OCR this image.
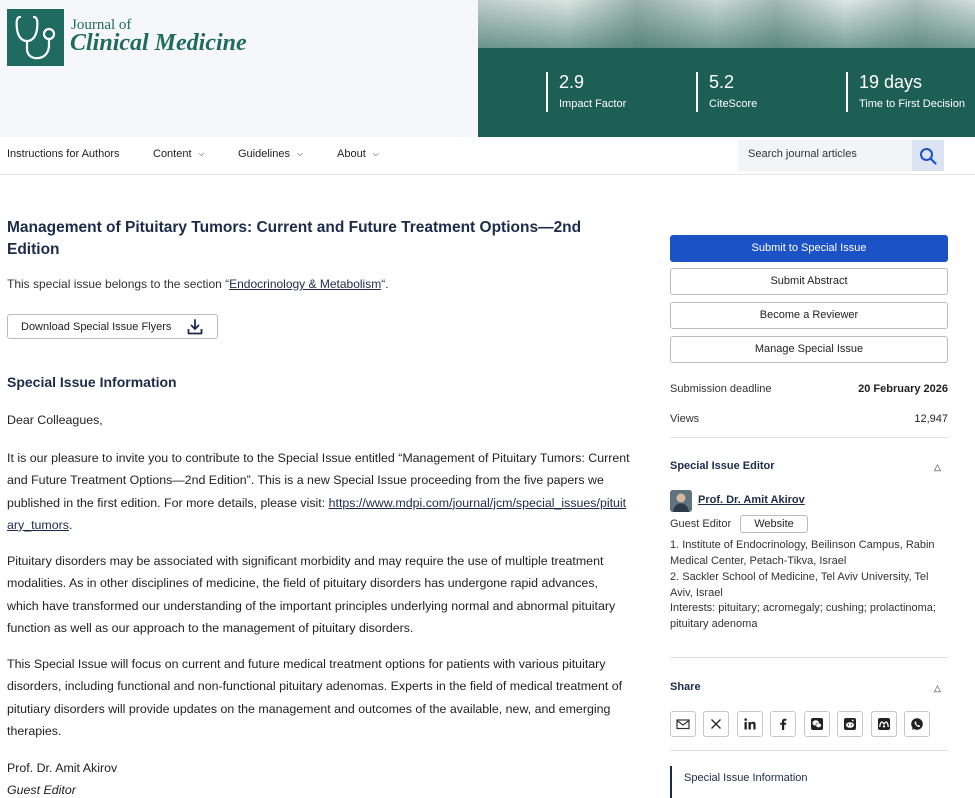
Journal of
Clinical Medicine
2.9
Impact Factor
5.2
CiteScore
19 days
Time to First Decision
Instructions for Authors	Content ⌵	Guidelines ⌵	About ⌵
Search journal articles
Management of Pituitary Tumors: Current and Future Treatment Options—2nd Edition
This special issue belongs to the section “Endocrinology & Metabolism“.
Download Special Issue Flyers
Special Issue Information

Dear Colleagues,

It is our pleasure to invite you to contribute to the Special Issue entitled “Management of Pituitary Tumors: Current and Future Treatment Options—2nd Edition”. This is a new Special Issue proceeding from the five papers we published in the first edition. For more details, please visit: https://www.mdpi.com/journal/jcm/special_issues/pituitary_tumors.

Pituitary disorders may be associated with significant morbidity and may require the use of multiple treatment modalities. As in other disciplines of medicine, the field of pituitary disorders has undergone rapid advances, which have transformed our understanding of the important principles underlying normal and abnormal pituitary function as well as our approach to the management of pituitary disorders.

This Special Issue will focus on current and future medical treatment options for patients with various pituitary disorders, including functional and non-functional pituitary adenomas. Experts in the field of medical treatment of pitutiary disorders will provide updates on the management and outcomes of the available, new, and emerging therapies.

Prof. Dr. Amit Akirov
Guest Editor
Submit to Special Issue
Submit Abstract
Become a Reviewer
Manage Special Issue
Submission deadline	20 February 2026
Views	12,947
Special Issue Editor	△
Prof. Dr. Amit Akirov
Guest Editor	Website

1. Institute of Endocrinology, Beilinson Campus, Rabin Medical Center, Petach-Tikva, Israel

2. Sackler School of Medicine, Tel Aviv University, Tel Aviv, Israel

Interests: pituitary; acromegaly; cushing; prolactinoma; pituitary adenoma

Share	△
Special Issue Information
